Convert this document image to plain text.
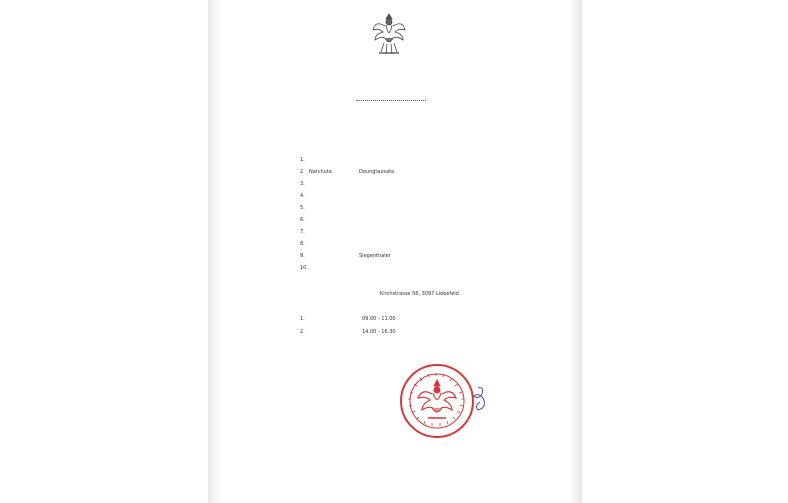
1.
2. Natchuta	Doungtaosate
3.
4.
5.
6.
7.
8.
9.	Siegenthaler
10.
Kirchstrasse 56, 3097 Liebefeld
1.	09.00 - 11.00
2.	14.00 - 16.30
